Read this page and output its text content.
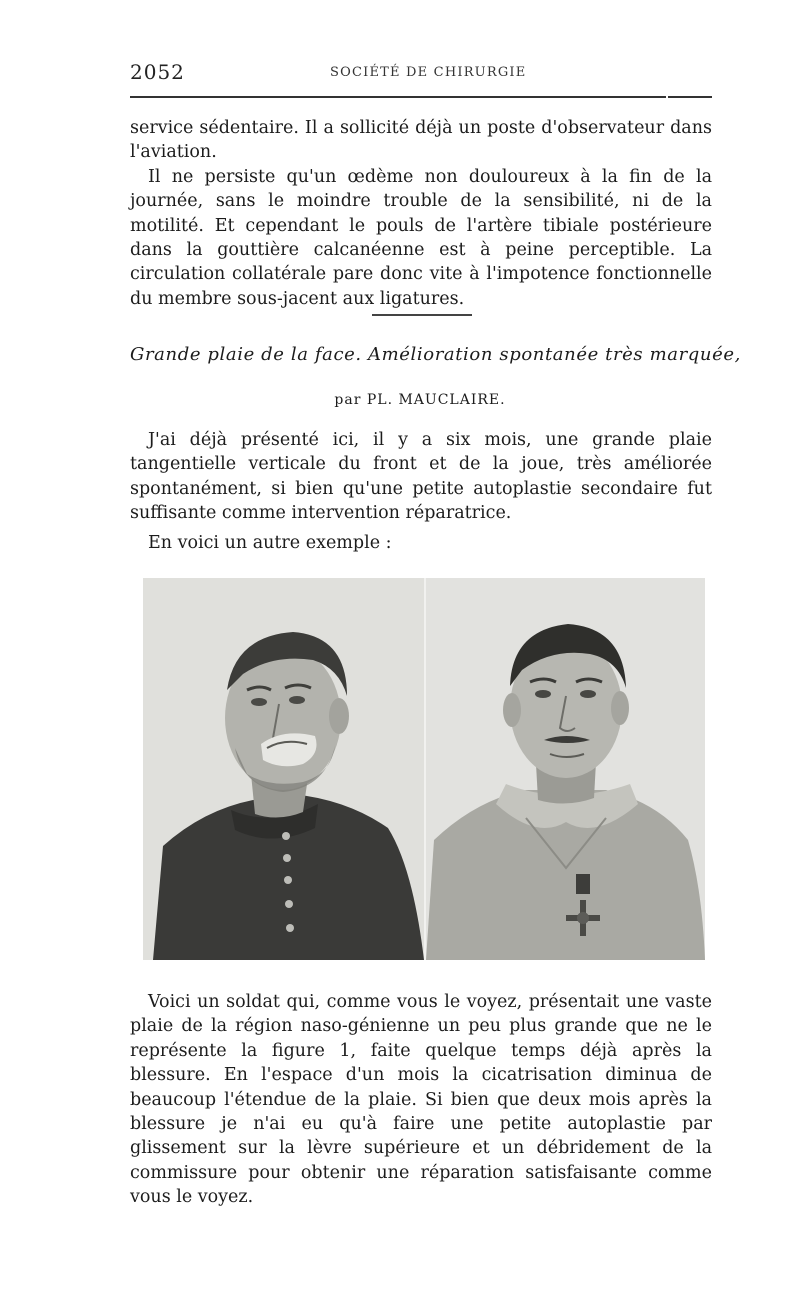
2052	SOCIÉTÉ DE CHIRURGIE

service sédentaire. Il a sollicité déjà un poste d'observateur dans l'aviation.

Il ne persiste qu'un œdème non douloureux à la fin de la journée, sans le moindre trouble de la sensibilité, ni de la motilité. Et cependant le pouls de l'artère tibiale postérieure dans la gouttière calcanéenne est à peine perceptible. La circulation collatérale pare donc vite à l'impotence fonctionnelle du membre sous-jacent aux ligatures.

Grande plaie de la face. Amélioration spontanée très marquée,
par PL. MAUCLAIRE.

J'ai déjà présenté ici, il y a six mois, une grande plaie tangentielle verticale du front et de la joue, très améliorée spontanément, si bien qu'une petite autoplastie secondaire fut suffisante comme intervention réparatrice.

En voici un autre exemple :

Voici un soldat qui, comme vous le voyez, présentait une vaste plaie de la région naso-génienne un peu plus grande que ne le représente la figure 1, faite quelque temps déjà après la blessure. En l'espace d'un mois la cicatrisation diminua de beaucoup l'étendue de la plaie. Si bien que deux mois après la blessure je n'ai eu qu'à faire une petite autoplastie par glissement sur la lèvre supérieure et un débridement de la commissure pour obtenir une réparation satisfaisante comme vous le voyez.
